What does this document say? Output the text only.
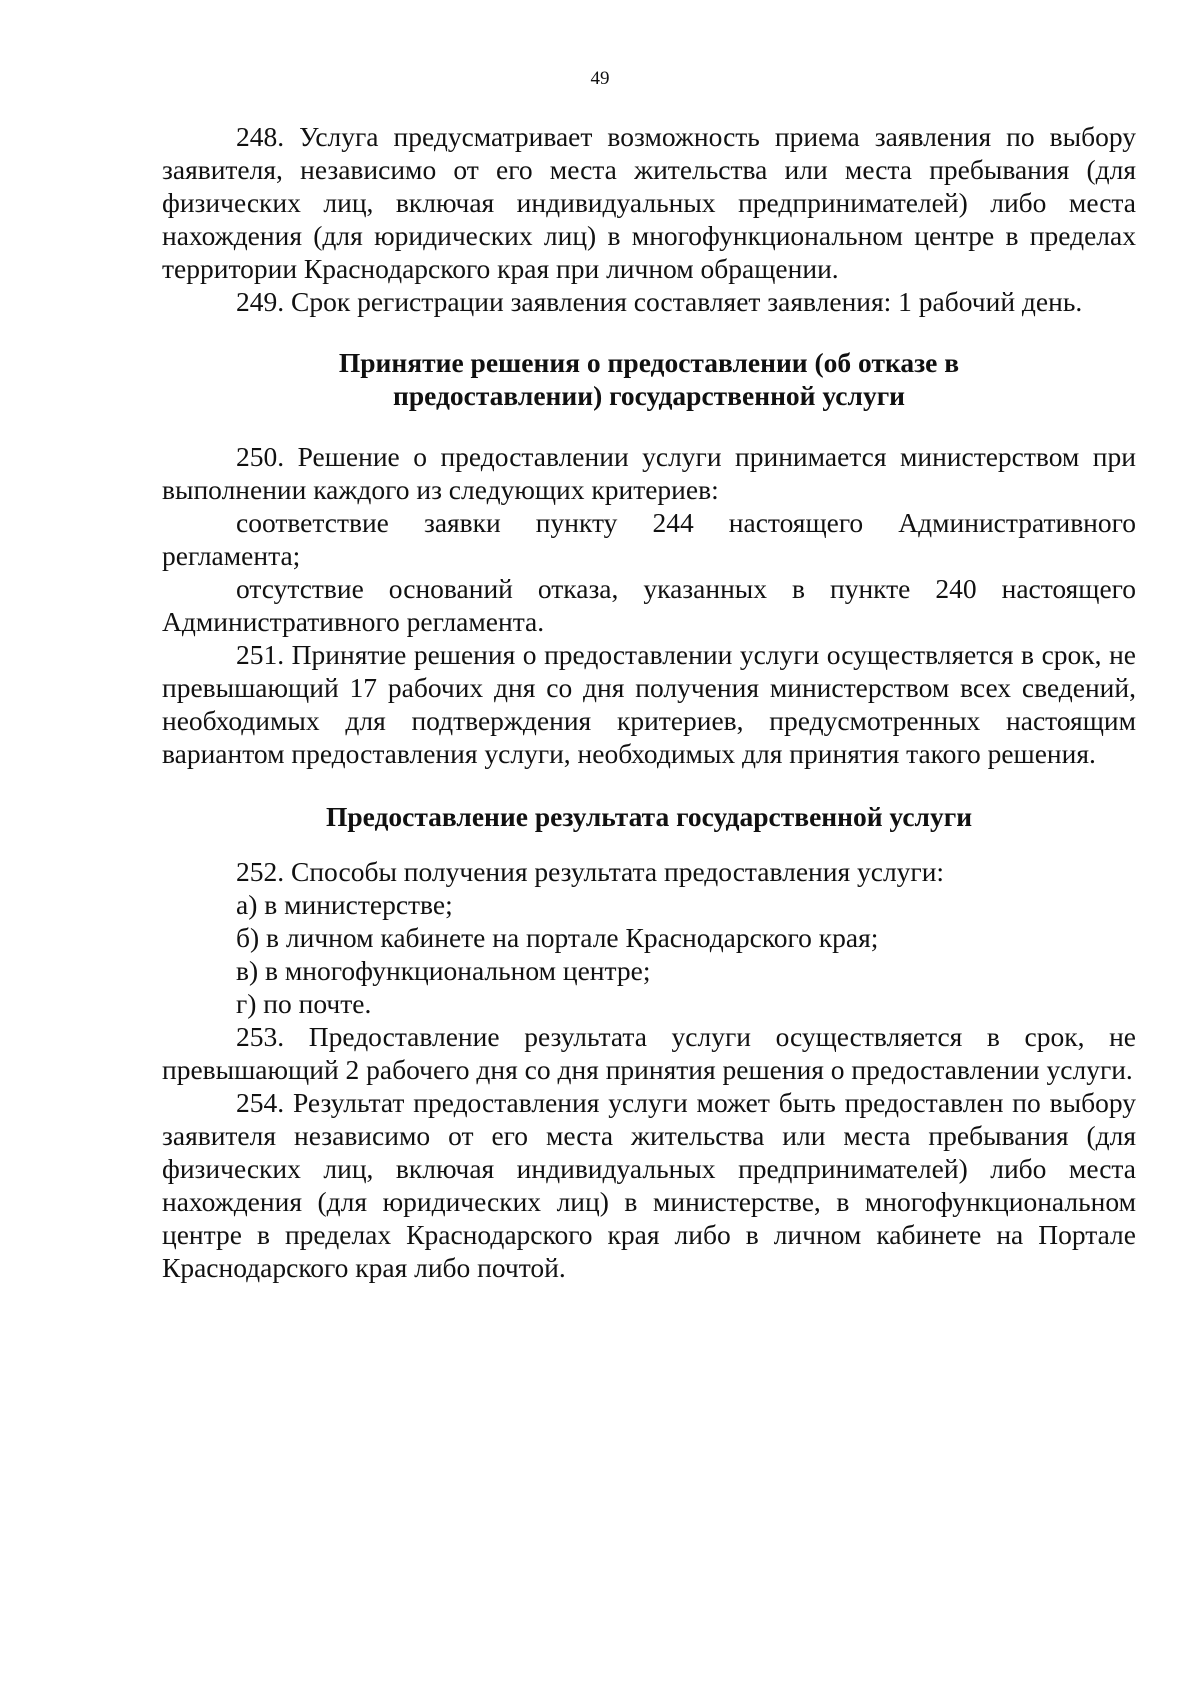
49

248. Услуга предусматривает возможность приема заявления по выбору заявителя, независимо от его места жительства или места пребывания (для физических лиц, включая индивидуальных предпринимателей) либо места нахождения (для юридических лиц) в многофункциональном центре в пределах территории Краснодарского края при личном обращении.

249. Срок регистрации заявления составляет заявления: 1 рабочий день.

Принятие решения о предоставлении (об отказе в
предоставлении) государственной услуги

250. Решение о предоставлении услуги принимается министерством при выполнении каждого из следующих критериев:

соответствие заявки пункту 244 настоящего Административного регламента;

отсутствие оснований отказа, указанных в пункте 240 настоящего Административного регламента.

251. Принятие решения о предоставлении услуги осуществляется в срок, не превышающий 17 рабочих дня со дня получения министерством всех сведений, необходимых для подтверждения критериев, предусмотренных настоящим вариантом предоставления услуги, необходимых для принятия такого решения.

Предоставление результата государственной услуги

252. Способы получения результата предоставления услуги:

а) в министерстве;

б) в личном кабинете на портале Краснодарского края;

в) в многофункциональном центре;

г) по почте.

253. Предоставление результата услуги осуществляется в срок, не превышающий 2 рабочего дня со дня принятия решения о предоставлении услуги.

254. Результат предоставления услуги может быть предоставлен по выбору заявителя независимо от его места жительства или места пребывания (для физических лиц, включая индивидуальных предпринимателей) либо места нахождения (для юридических лиц) в министерстве, в многофункциональном центре в пределах Краснодарского края либо в личном кабинете на Портале Краснодарского края либо почтой.
